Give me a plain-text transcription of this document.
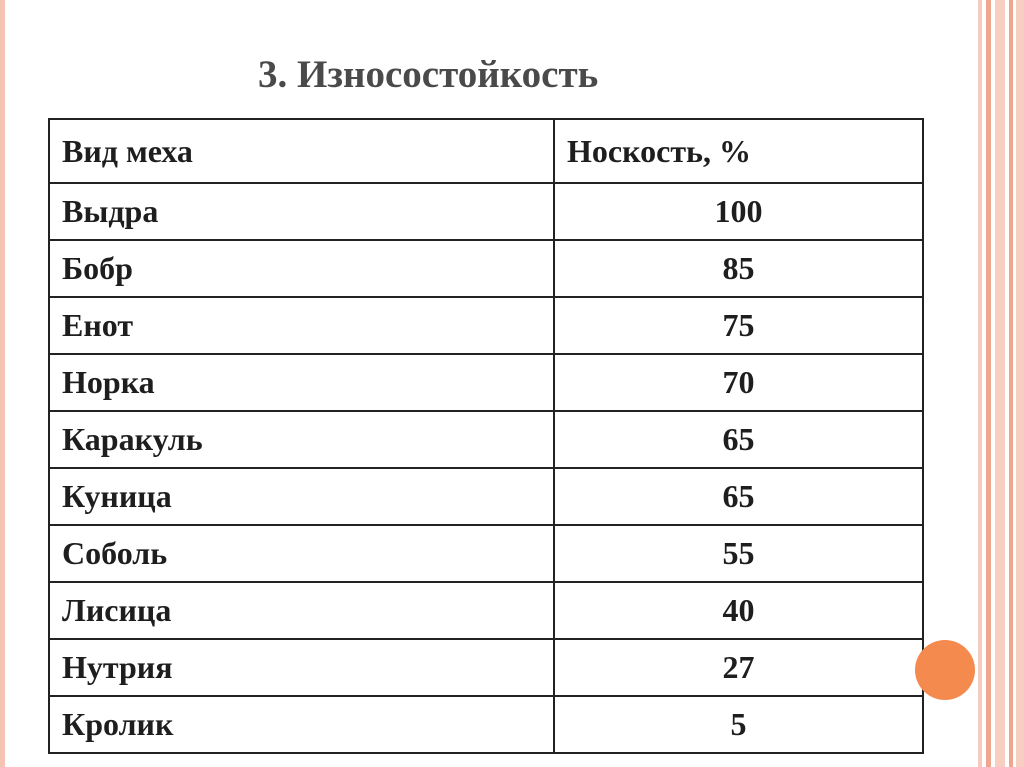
3. Износостойкость
Вид меха	Носкость, %
Выдра	100
Бобр	85
Енот	75
Норка	70
Каракуль	65
Куница	65
Соболь	55
Лисица	40
Нутрия	27
Кролик	5
